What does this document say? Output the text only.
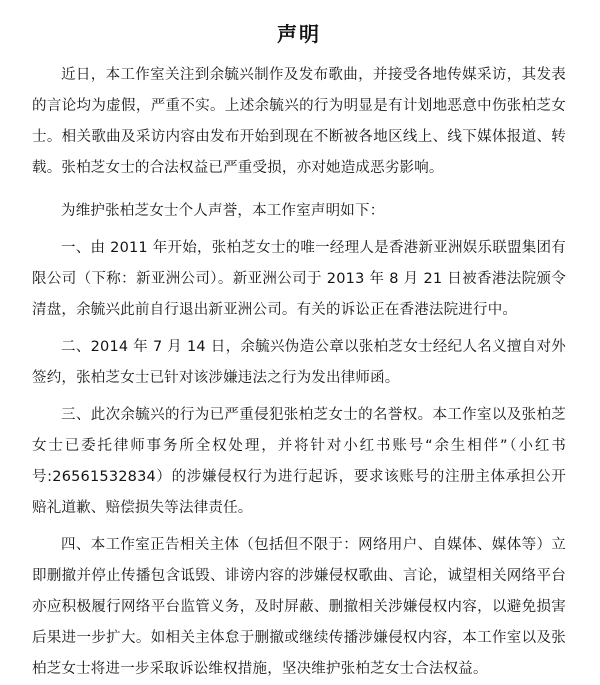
声明

近日，本工作室关注到余毓兴制作及发布歌曲，并接受各地传媒采访，其发表的言论均为虚假，严重不实。上述余毓兴的行为明显是有计划地恶意中伤张柏芝女士。相关歌曲及采访内容由发布开始到现在不断被各地区线上、线下媒体报道、转载。张柏芝女士的合法权益已严重受损，亦对她造成恶劣影响。

为维护张柏芝女士个人声誉，本工作室声明如下：

一、由 2011 年开始，张柏芝女士的唯一经理人是香港新亚洲娱乐联盟集团有限公司（下称：新亚洲公司）。新亚洲公司于 2013 年 8 月 21 日被香港法院颁令清盘，余毓兴此前自行退出新亚洲公司。有关的诉讼正在香港法院进行中。

二、2014 年 7 月 14 日，余毓兴伪造公章以张柏芝女士经纪人名义擅自对外签约，张柏芝女士已针对该涉嫌违法之行为发出律师函。

三、此次余毓兴的行为已严重侵犯张柏芝女士的名誉权。本工作室以及张柏芝女士已委托律师事务所全权处理，并将针对小红书账号“余生相伴”（小红书号:26561532834）的涉嫌侵权行为进行起诉，要求该账号的注册主体承担公开赔礼道歉、赔偿损失等法律责任。

四、本工作室正告相关主体（包括但不限于：网络用户、自媒体、媒体等）立即删撤并停止传播包含诋毁、诽谤内容的涉嫌侵权歌曲、言论，诚望相关网络平台亦应积极履行网络平台监管义务，及时屏蔽、删撤相关涉嫌侵权内容，以避免损害后果进一步扩大。如相关主体怠于删撤或继续传播涉嫌侵权内容，本工作室以及张柏芝女士将进一步采取诉讼维权措施，坚决维护张柏芝女士合法权益。
